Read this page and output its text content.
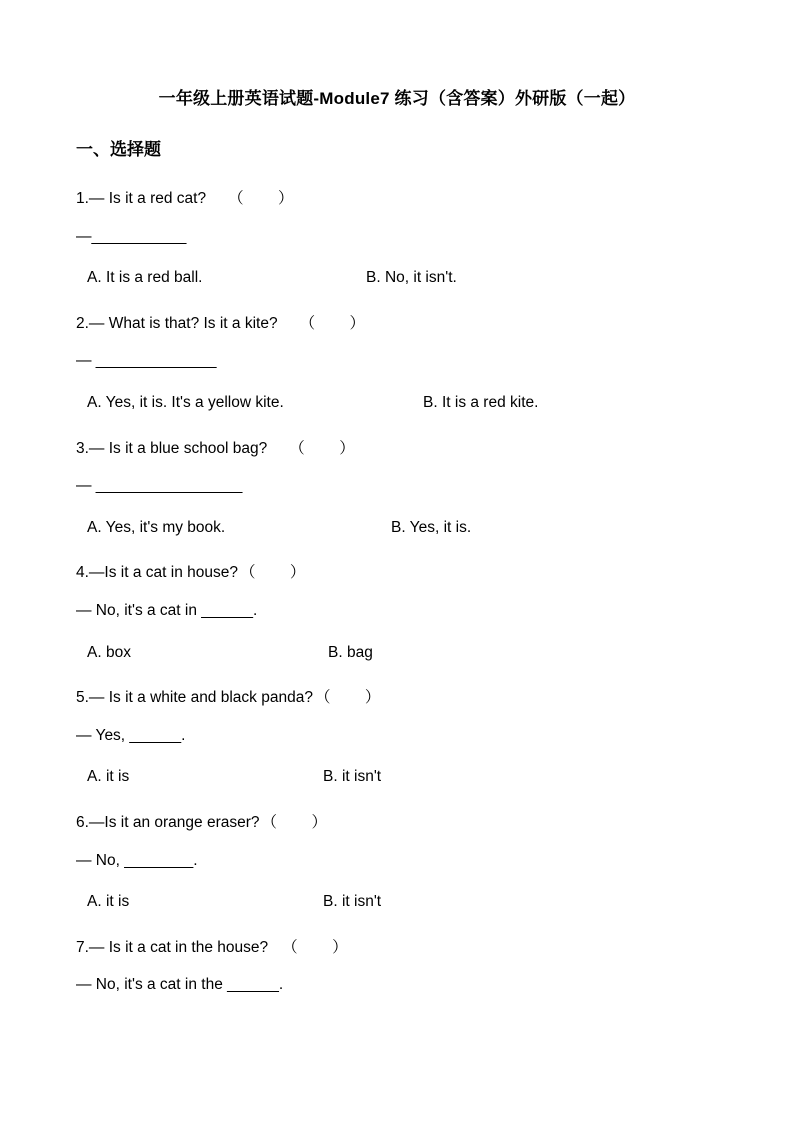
一年级上册英语试题-Module7 练习（含答案）外研版（一起）
一、选择题
1.— Is it a red cat? （        ）
—___________
A. It is a red ball.	B. No, it isn't.
2.— What is that? Is it a kite? （        ）
— ______________
A. Yes, it is. It's a yellow kite.	B. It is a red kite.
3.— Is it a blue school bag? （        ）
— _________________
A. Yes, it's my book.	B. Yes, it is.
4.—Is it a cat in house? （        ）
— No, it's a cat in ______.
A. box	B. bag
5.— Is it a white and black panda? （        ）
— Yes, ______.
A. it is	B. it isn't
6.—Is it an orange eraser? （        ）
— No, ________.
A. it is	B. it isn't
7.— Is it a cat in the house? （        ）
— No, it's a cat in the ______.
